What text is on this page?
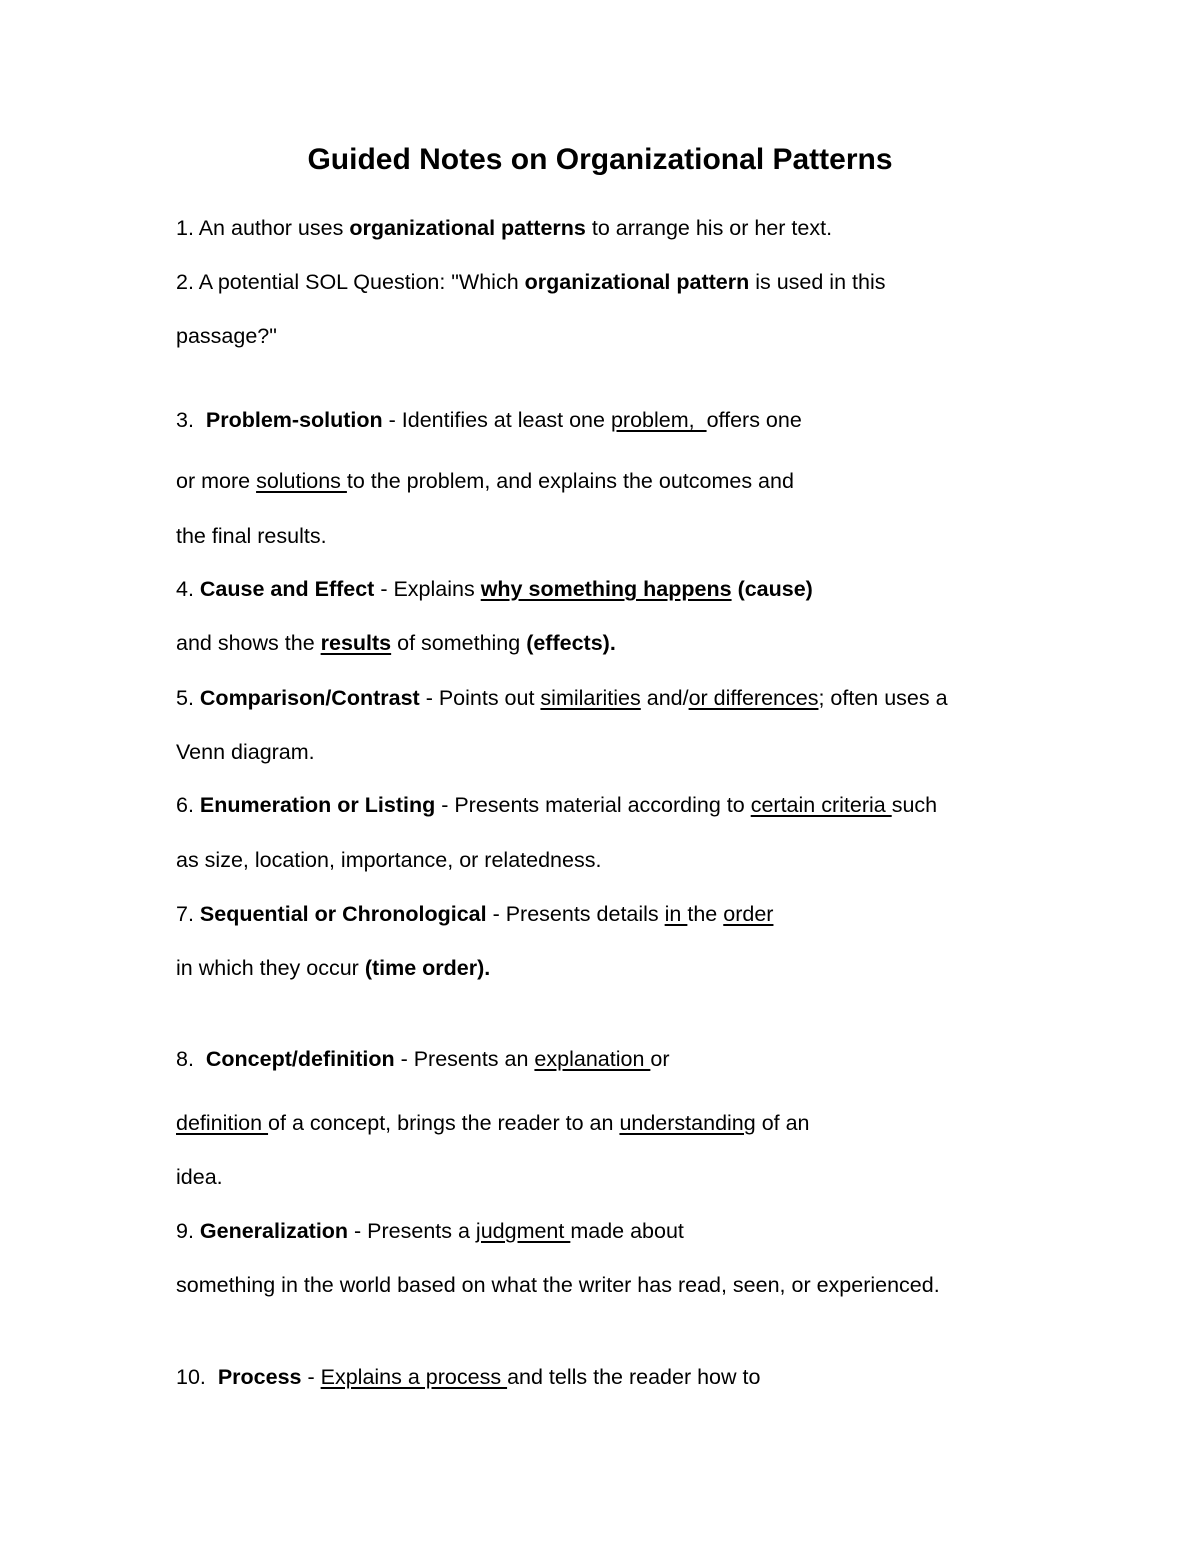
Guided Notes on Organizational Patterns
1. An author uses organizational patterns to arrange his or her text.
2. A potential SOL Question: "Which organizational pattern is used in this
passage?"
3.  Problem-solution - Identifies at least one problem,  offers one
or more solutions to the problem, and explains the outcomes and
the final results.
4. Cause and Effect - Explains why something happens (cause)
and shows the results of something (effects).
5. Comparison/Contrast - Points out similarities and/or differences; often uses a
Venn diagram.
6. Enumeration or Listing - Presents material according to certain criteria such
as size, location, importance, or relatedness.
7. Sequential or Chronological - Presents details in the order
in which they occur (time order).
8.  Concept/definition - Presents an explanation or
definition of a concept, brings the reader to an understanding of an
idea.
9. Generalization - Presents a judgment made about
something in the world based on what the writer has read, seen, or experienced.
10.  Process - Explains a process and tells the reader how to
